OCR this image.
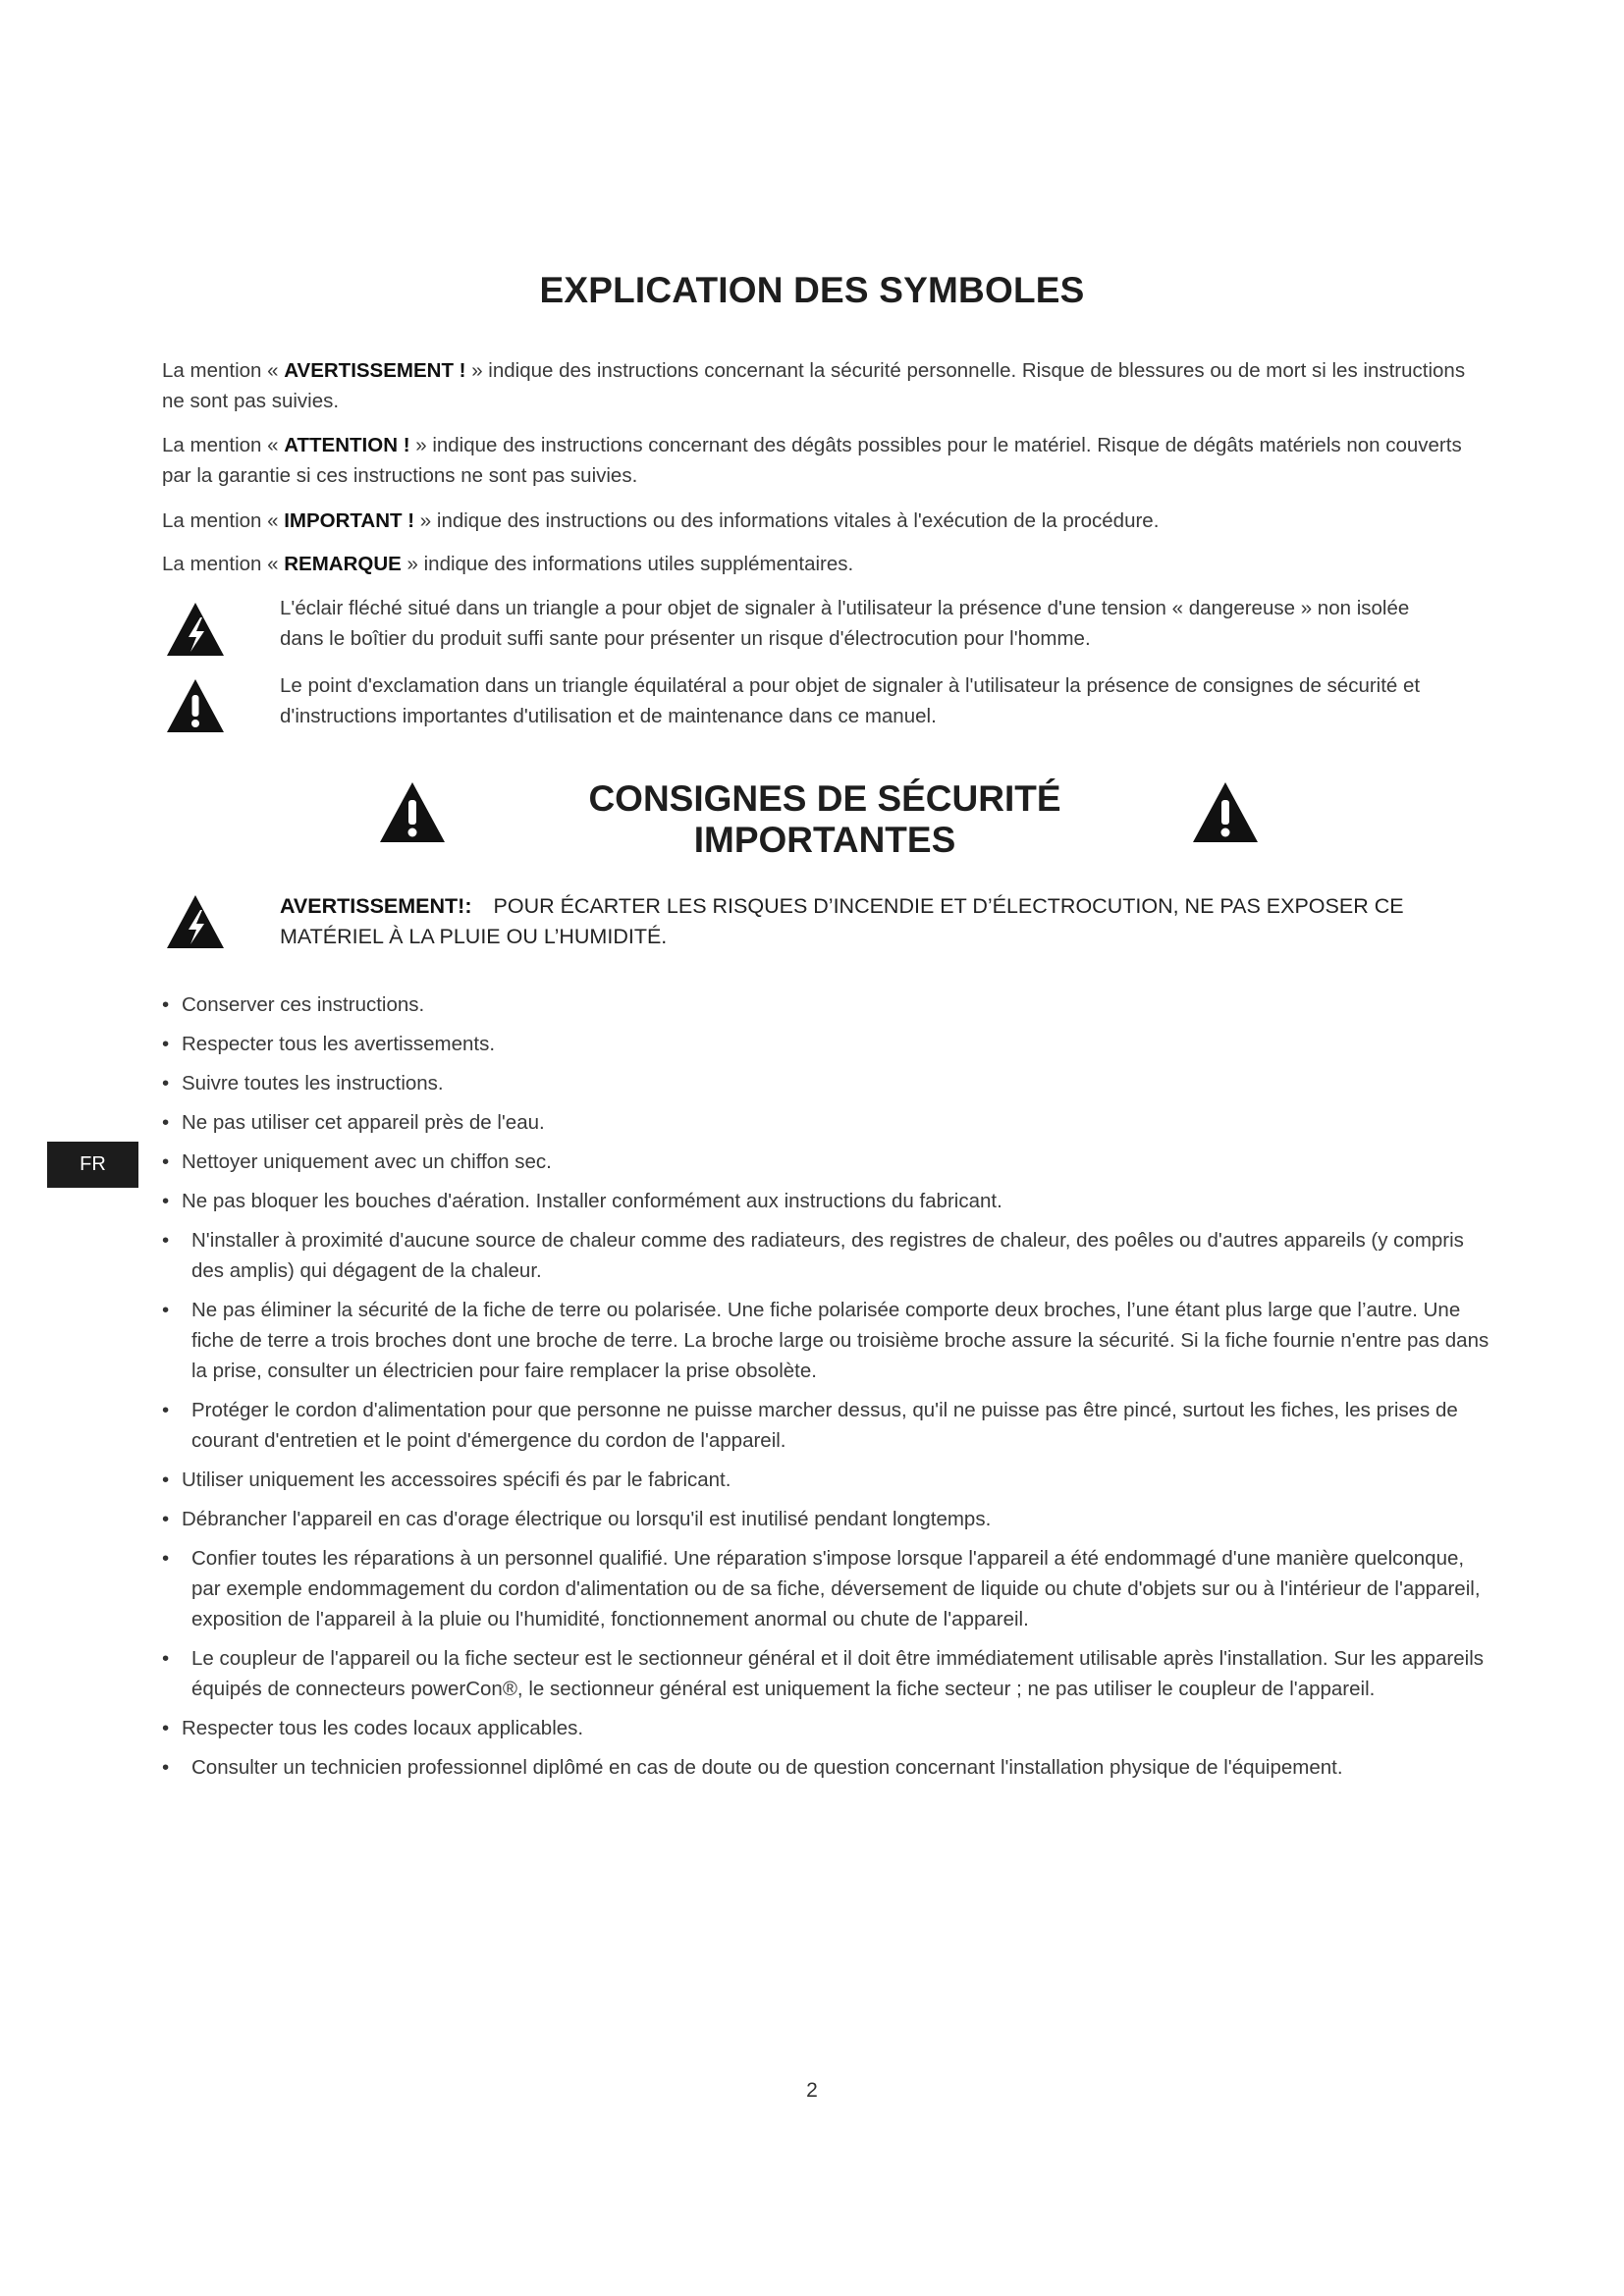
EXPLICATION DES SYMBOLES
La mention « AVERTISSEMENT ! » indique des instructions concernant la sécurité personnelle. Risque de blessures ou de mort si les instructions ne sont pas suivies.
La mention « ATTENTION ! » indique des instructions concernant des dégâts possibles pour le matériel. Risque de dégâts matériels non couverts par la garantie si ces instructions ne sont pas suivies.
La mention « IMPORTANT ! » indique des instructions ou des informations vitales à l'exécution de la procédure.
La mention « REMARQUE » indique des informations utiles supplémentaires.
L'éclair fléché situé dans un triangle a pour objet de signaler à l'utilisateur la présence d'une tension « dangereuse » non isolée dans le boîtier du produit suffi sante pour présenter un risque d'électrocution pour l'homme.
Le point d'exclamation dans un triangle équilatéral a pour objet de signaler à l'utilisateur la présence de consignes de sécurité et d'instructions importantes d'utilisation et de maintenance dans ce manuel.
CONSIGNES DE SÉCURITÉ IMPORTANTES
AVERTISSEMENT!: POUR ÉCARTER LES RISQUES D’INCENDIE ET D’ÉLECTROCUTION, NE PAS EXPOSER CE MATÉRIEL À LA PLUIE OU L’HUMIDITÉ.
• Conserver ces instructions.
• Respecter tous les avertissements.
• Suivre toutes les instructions.
• Ne pas utiliser cet appareil près de l'eau.
• Nettoyer uniquement avec un chiffon sec.
• Ne pas bloquer les bouches d'aération. Installer conformément aux instructions du fabricant.
• N'installer à proximité d'aucune source de chaleur comme des radiateurs, des registres de chaleur, des poêles ou d'autres appareils (y compris des amplis) qui dégagent de la chaleur.
• Ne pas éliminer la sécurité de la fiche de terre ou polarisée. Une fiche polarisée comporte deux broches, l’une étant plus large que l’autre. Une fiche de terre a trois broches dont une broche de terre. La broche large ou troisième broche assure la sécurité. Si la fiche fournie n'entre pas dans la prise, consulter un électricien pour faire remplacer la prise obsolète.
• Protéger le cordon d'alimentation pour que personne ne puisse marcher dessus, qu'il ne puisse pas être pincé, surtout les fiches, les prises de courant d'entretien et le point d'émergence du cordon de l'appareil.
• Utiliser uniquement les accessoires spécifi és par le fabricant.
• Débrancher l'appareil en cas d'orage électrique ou lorsqu'il est inutilisé pendant longtemps.
• Confier toutes les réparations à un personnel qualifié. Une réparation s'impose lorsque l'appareil a été endommagé d'une manière quelconque, par exemple endommagement du cordon d'alimentation ou de sa fiche, déversement de liquide ou chute d'objets sur ou à l'intérieur de l'appareil, exposition de l'appareil à la pluie ou l'humidité, fonctionnement anormal ou chute de l'appareil.
• Le coupleur de l'appareil ou la fiche secteur est le sectionneur général et il doit être immédiatement utilisable après l'installation. Sur les appareils équipés de connecteurs powerCon®, le sectionneur général est uniquement la fiche secteur ; ne pas utiliser le coupleur de l'appareil.
• Respecter tous les codes locaux applicables.
• Consulter un technicien professionnel diplômé en cas de doute ou de question concernant l'installation physique de l'équipement.
FR
2
